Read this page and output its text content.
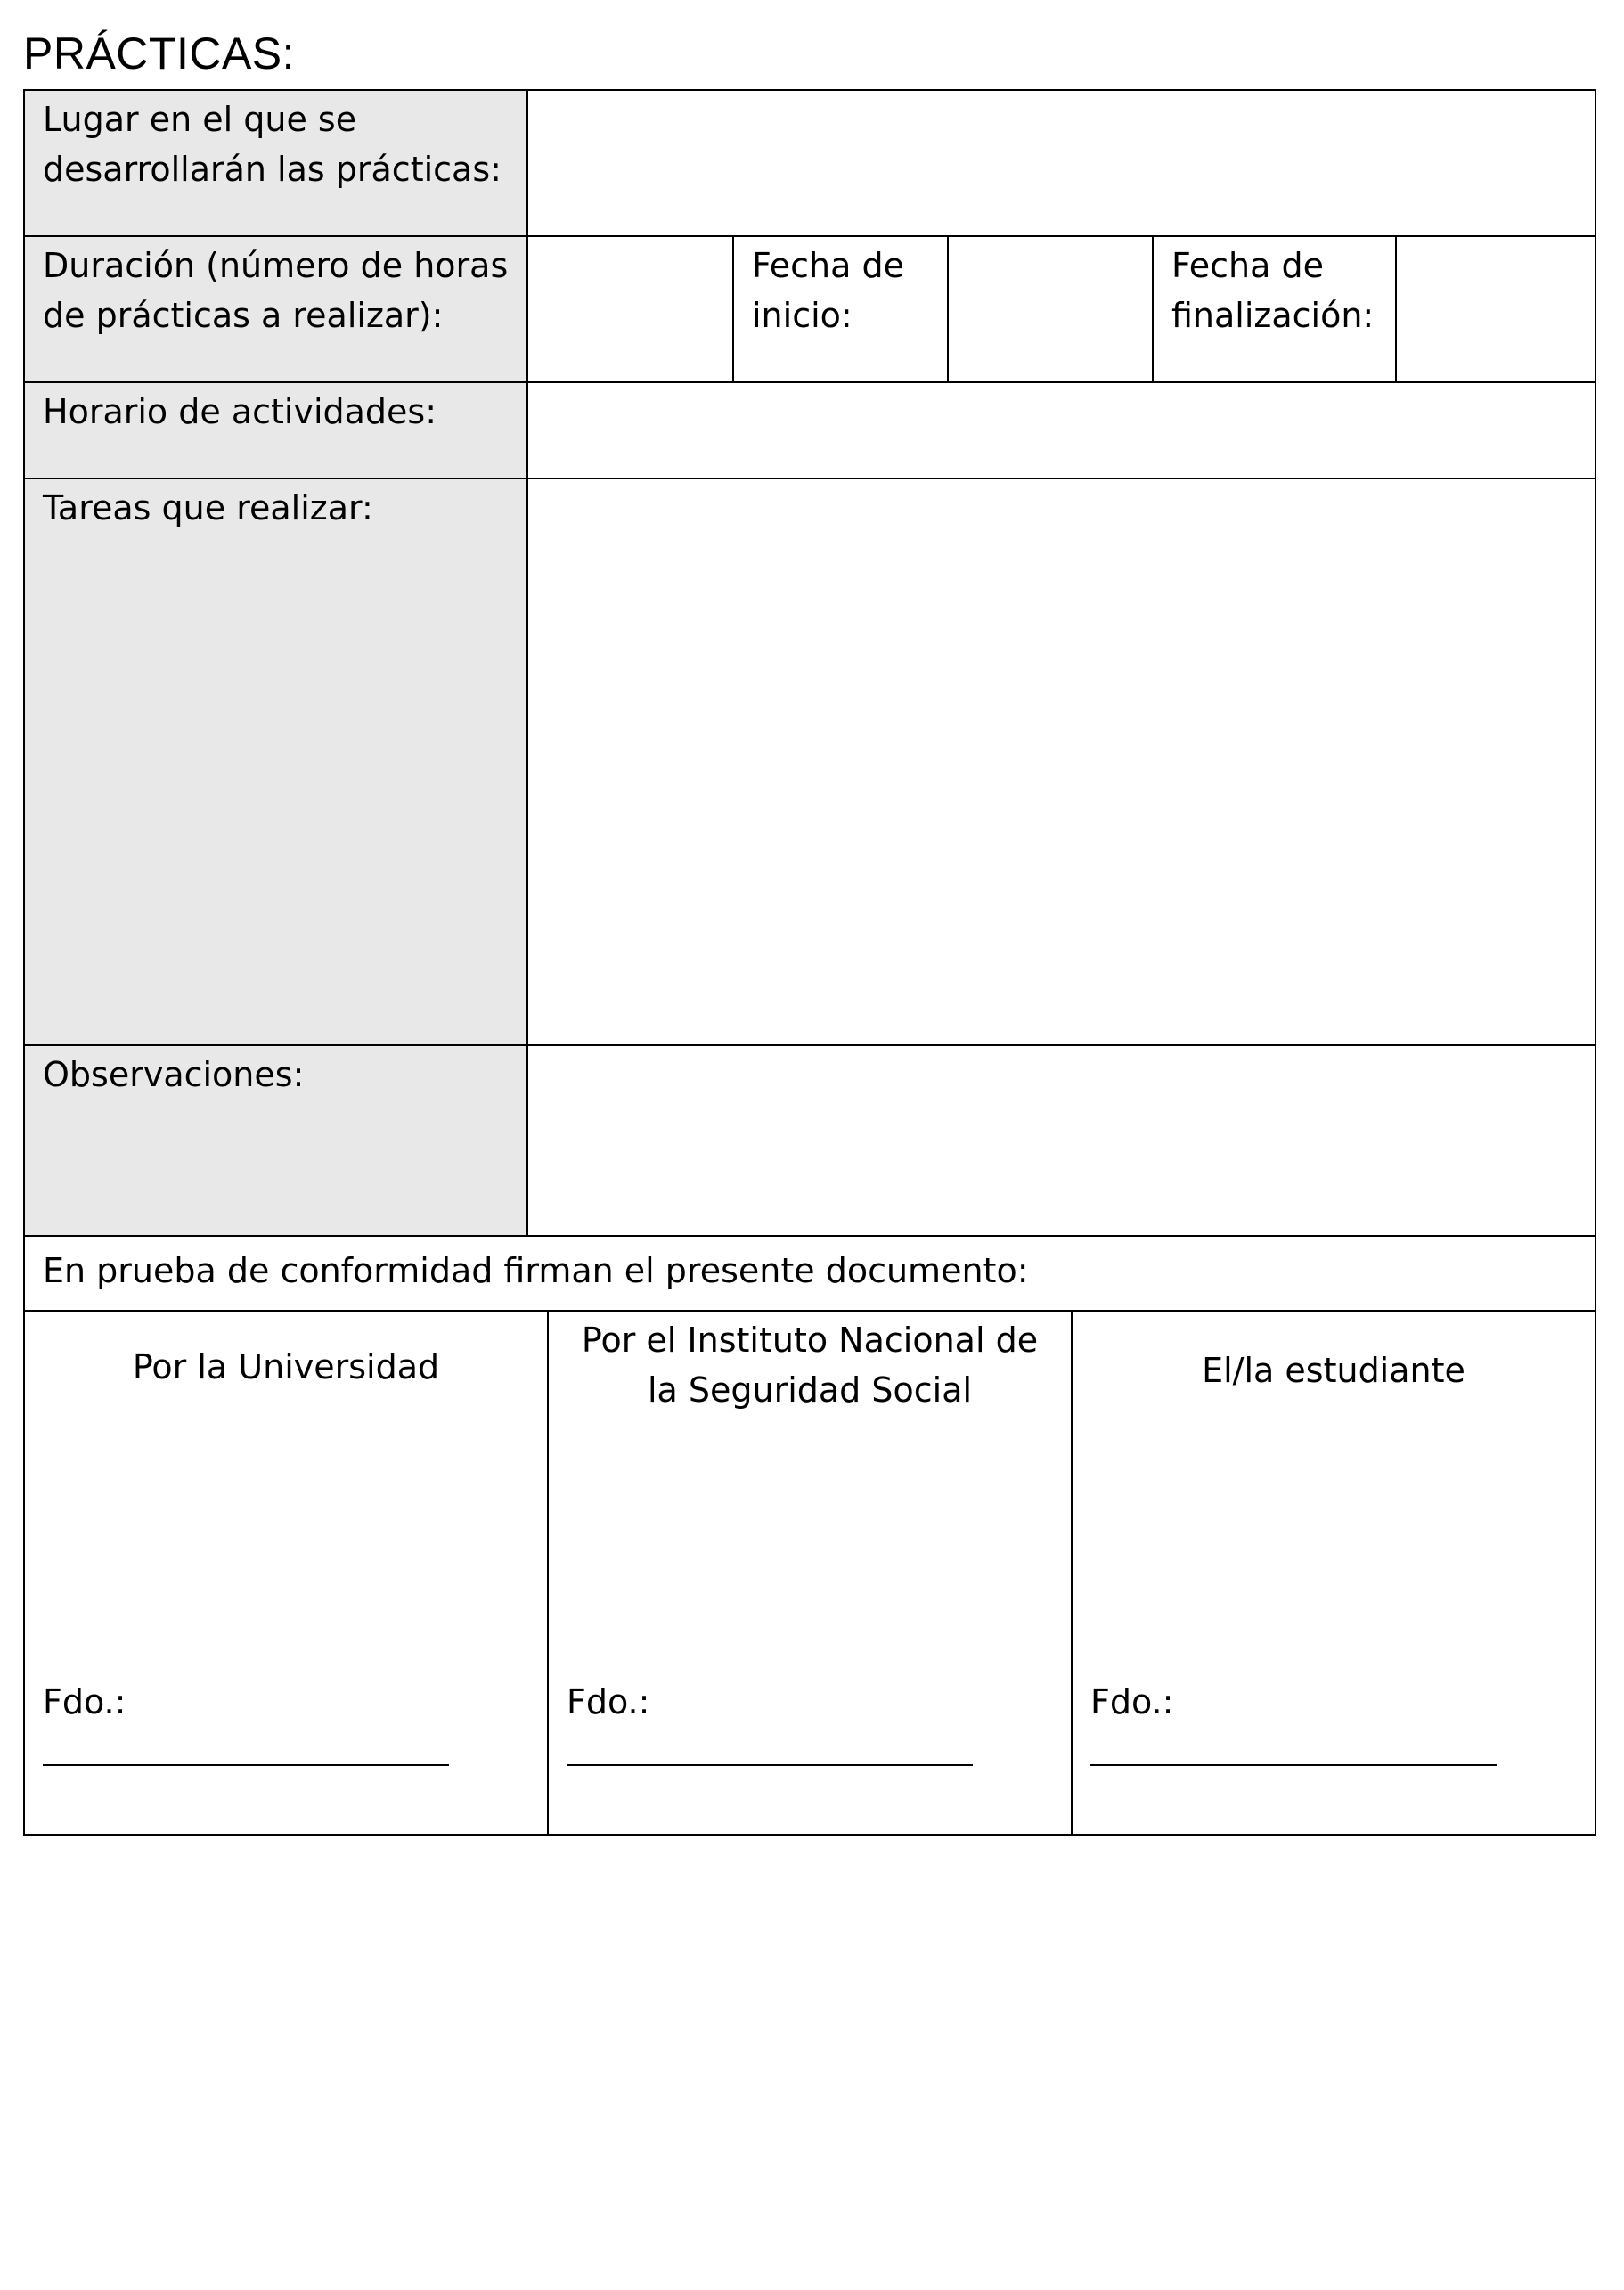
PRÁCTICAS:
Lugar en el que se desarrollarán las prácticas:
Duración (número de horas de prácticas a realizar):
Fecha de inicio:
Fecha de finalización:
Horario de actividades:
Tareas que realizar:
Observaciones:
En prueba de conformidad firman el presente documento:
Por la Universidad
Fdo.:
Por el Instituto Nacional de la Seguridad Social
Fdo.:
El/la estudiante
Fdo.:
